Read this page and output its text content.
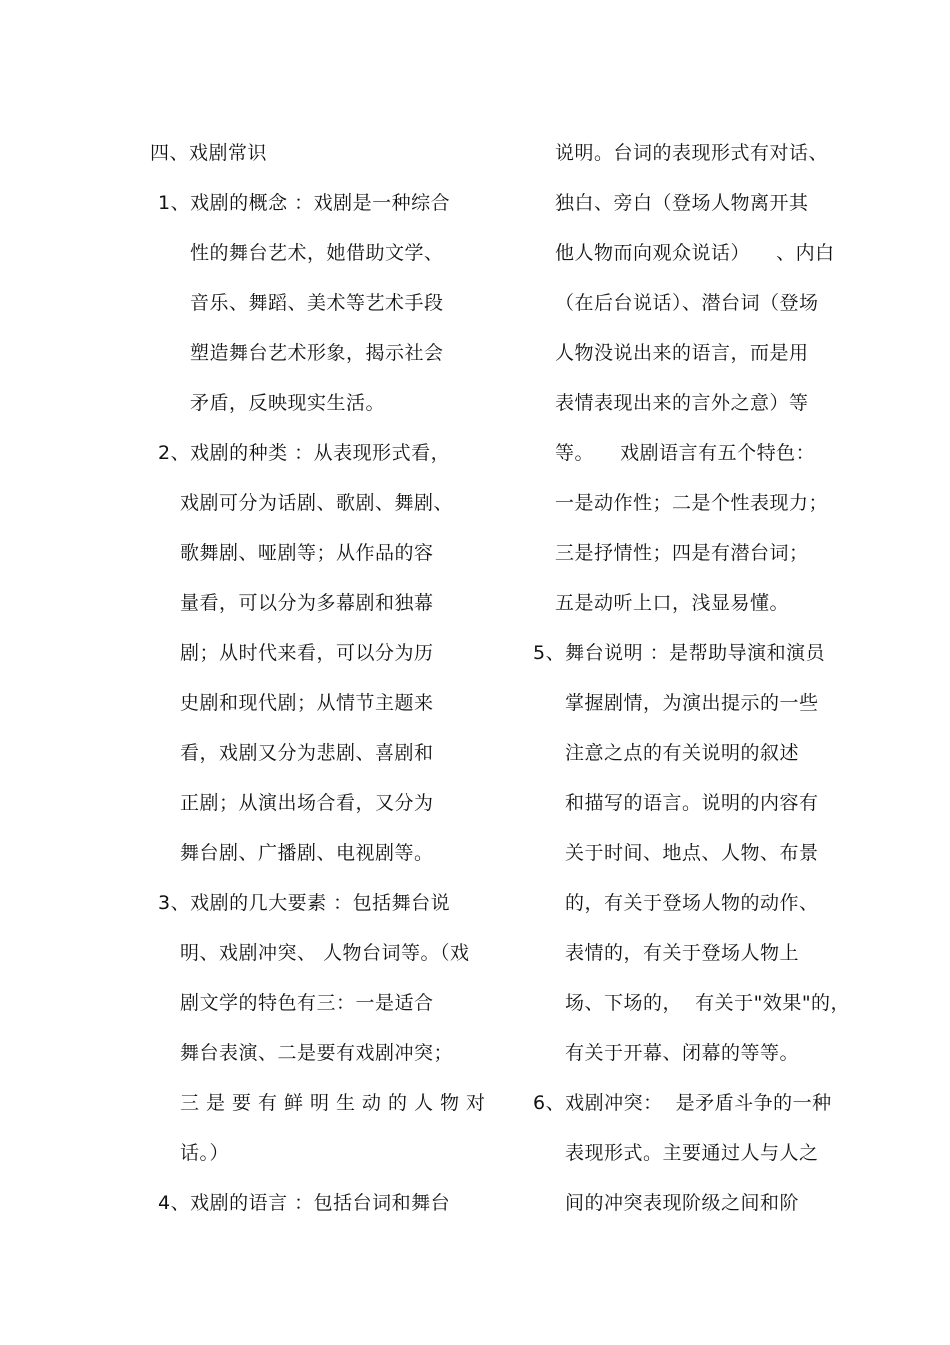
四、戏剧常识
1、戏剧的概念 ：戏剧是一种综合
性的舞台艺术，她借助文学、
音乐、舞蹈、美术等艺术手段
塑造舞台艺术形象，揭示社会
矛盾，反映现实生活。
2、戏剧的种类 ：从表现形式看，
戏剧可分为话剧、歌剧、舞剧、
歌舞剧、哑剧等；从作品的容
量看，可以分为多幕剧和独幕
剧；从时代来看，可以分为历
史剧和现代剧；从情节主题来
看，戏剧又分为悲剧、喜剧和
正剧；从演出场合看，又分为
舞台剧、广播剧、电视剧等。
3、戏剧的几大要素 ：包括舞台说
明、戏剧冲突、 人物台词等。（戏
剧文学的特色有三：一是适合
舞台表演、二是要有戏剧冲突；
三是要有鲜明生动的人物对
话。）
4、戏剧的语言 ：包括台词和舞台
说明。台词的表现形式有对话、
独白、旁白（登场人物离开其
他人物而向观众说话）    、内白
（在后台说话）、潜台词（登场
人物没说出来的语言，而是用
表情表现出来的言外之意）等
等。    戏剧语言有五个特色：
一是动作性；二是个性表现力；
三是抒情性；四是有潜台词；
五是动听上口，浅显易懂。
5、舞台说明 ：是帮助导演和演员
掌握剧情，为演出提示的一些
注意之点的有关说明的叙述
和描写的语言。说明的内容有
关于时间、地点、人物、布景
的，有关于登场人物的动作、
表情的，有关于登场人物上
场、下场的，  有关于"效果"的，
有关于开幕、闭幕的等等。
6、戏剧冲突：  是矛盾斗争的一种
表现形式。主要通过人与人之
间的冲突表现阶级之间和阶
